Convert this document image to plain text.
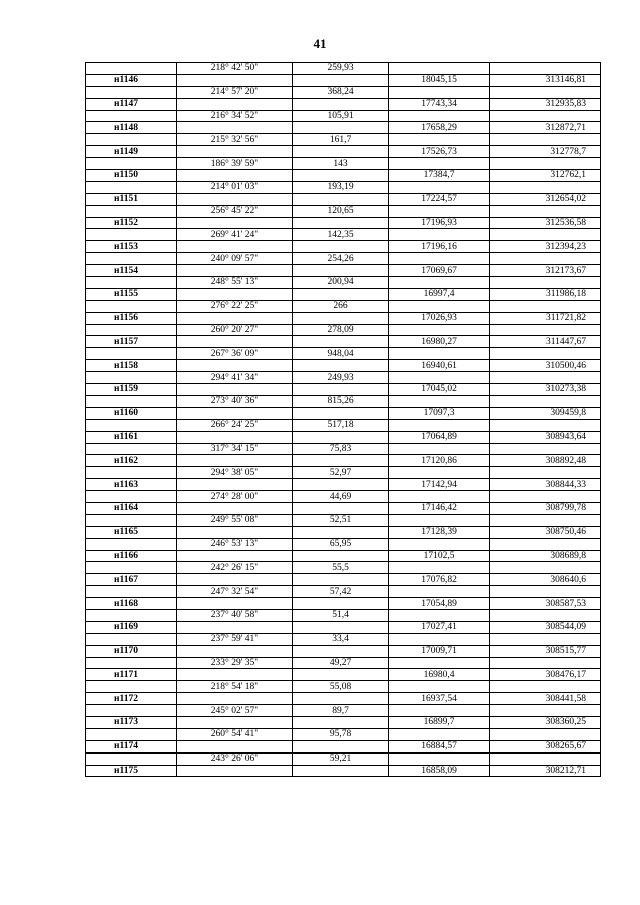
41
	218° 42' 50"	259,93		
н1146			18045,15	313146,81
	214° 57' 20"	368,24		
н1147			17743,34	312935,83
	216° 34' 52"	105,91		
н1148			17658,29	312872,71
	215° 32' 56"	161,7		
н1149			17526,73	312778,7
	186° 39' 59"	143		
н1150			17384,7	312762,1
	214° 01' 03"	193,19		
н1151			17224,57	312654,02
	256° 45' 22"	120,65		
н1152			17196,93	312536,58
	269° 41' 24"	142,35		
н1153			17196,16	312394,23
	240° 09' 57"	254,26		
н1154			17069,67	312173,67
	248° 55' 13"	200,94		
н1155			16997,4	311986,18
	276° 22' 25"	266		
н1156			17026,93	311721,82
	260° 20' 27"	278,09		
н1157			16980,27	311447,67
	267° 36' 09"	948,04		
н1158			16940,61	310500,46
	294° 41' 34"	249,93		
н1159			17045,02	310273,38
	273° 40' 36"	815,26		
н1160			17097,3	309459,8
	266° 24' 25"	517,18		
н1161			17064,89	308943,64
	317° 34' 15"	75,83		
н1162			17120,86	308892,48
	294° 38' 05"	52,97		
н1163			17142,94	308844,33
	274° 28' 00"	44,69		
н1164			17146,42	308799,78
	249° 55' 08"	52,51		
н1165			17128,39	308750,46
	246° 53' 13"	65,95		
н1166			17102,5	308689,8
	242° 26' 15"	55,5		
н1167			17076,82	308640,6
	247° 32' 54"	57,42		
н1168			17054,89	308587,53
	237° 40' 58"	51,4		
н1169			17027,41	308544,09
	237° 59' 41"	33,4		
н1170			17009,71	308515,77
	233° 29' 35"	49,27		
н1171			16980,4	308476,17
	218° 54' 18"	55,08		
н1172			16937,54	308441,58
	245° 02' 57"	89,7		
н1173			16899,7	308360,25
	260° 54' 41"	95,78		
н1174			16884,57	308265,67
	243° 26' 06"	59,21		
н1175			16858,09	308212,71
